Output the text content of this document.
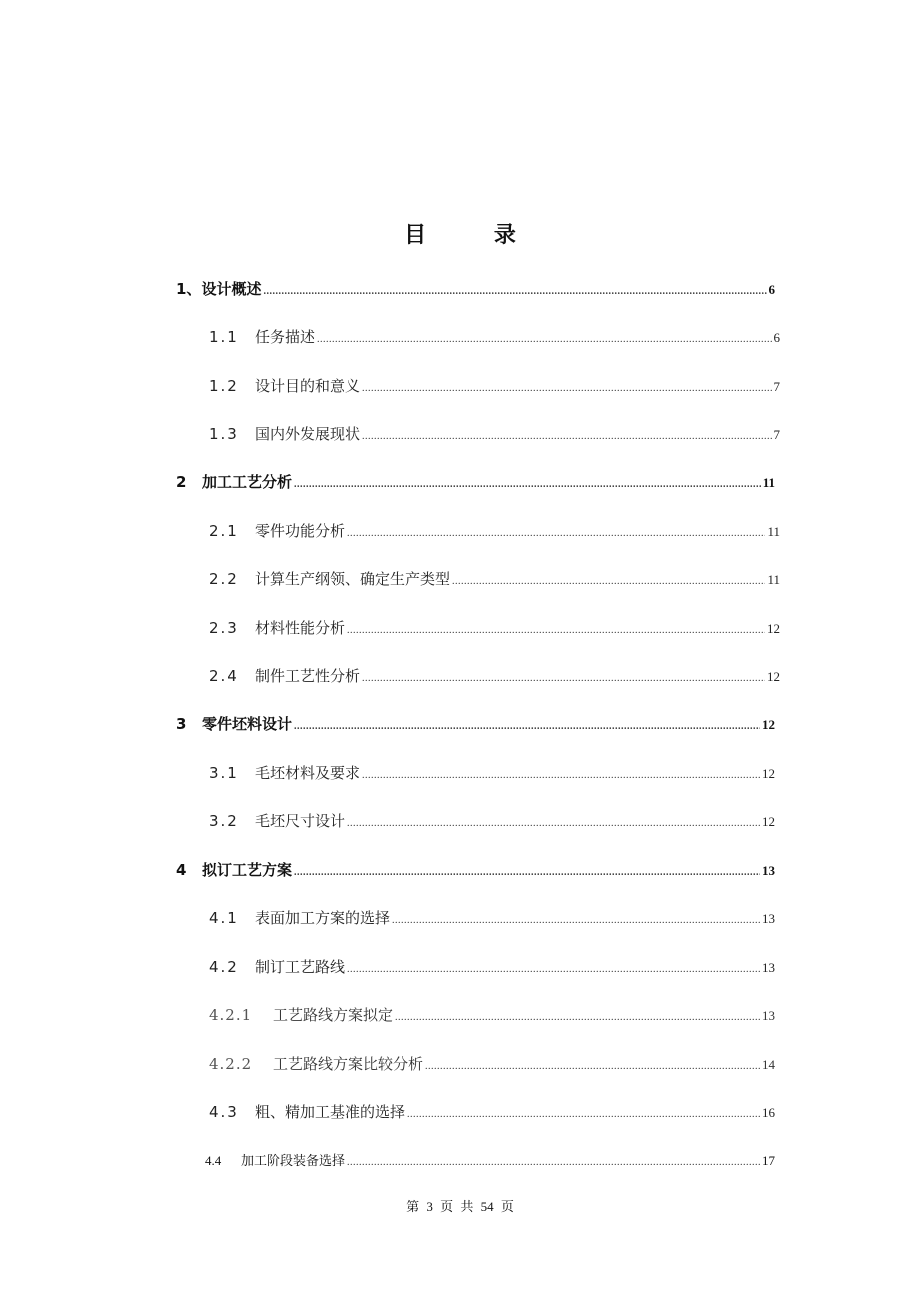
目 录
1、 设计概述 .....	6
1.1	任务描述 .....	6
1.2	设计目的和意义 .....	7
1.3	国内外发展现状 .....	7
2	加工工艺分析 .....	11
2.1	零件功能分析 .....	11
2.2	计算生产纲领、确定生产类型 .....	11
2.3	材料性能分析 .....	12
2.4	制件工艺性分析 .....	12
3	零件坯料设计 .....	12
3.1	毛坯材料及要求 .....	12
3.2	毛坯尺寸设计 .....	12
4	拟订工艺方案 .....	13
4.1	表面加工方案的选择 .....	13
4.2	制订工艺路线 .....	13
4.2.1	工艺路线方案拟定 .....	13
4.2.2	工艺路线方案比较分析 .....	14
4.3	粗、精加工基准的选择 .....	16
4.4	加工阶段装备选择 .....	17
第 3 页 共 54 页
